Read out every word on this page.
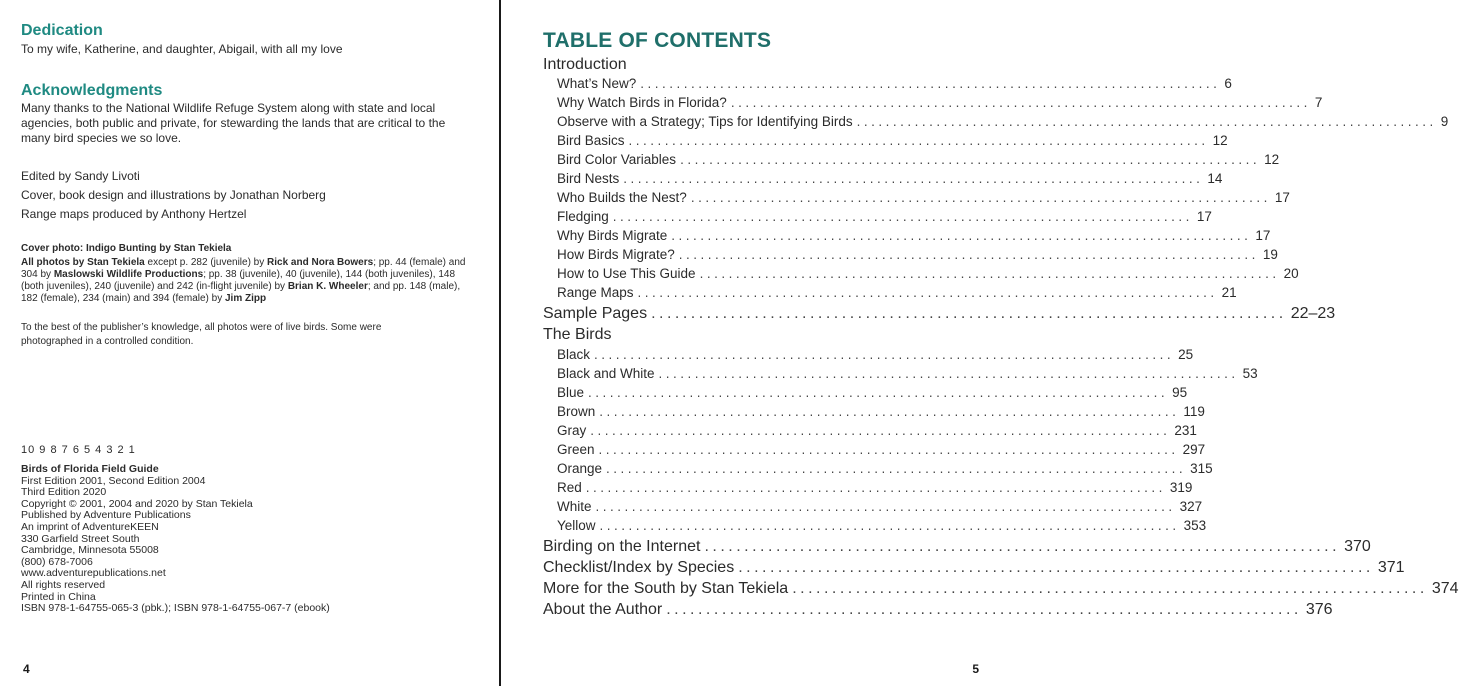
Dedication
To my wife, Katherine, and daughter, Abigail, with all my love
Acknowledgments
Many thanks to the National Wildlife Refuge System along with state and local agencies, both public and private, for stewarding the lands that are critical to the many bird species we so love.
Edited by Sandy Livoti
Cover, book design and illustrations by Jonathan Norberg
Range maps produced by Anthony Hertzel
Cover photo: Indigo Bunting by Stan Tekiela
All photos by Stan Tekiela except p. 282 (juvenile) by Rick and Nora Bowers; pp. 44 (female) and 304 by Maslowski Wildlife Productions; pp. 38 (juvenile), 40 (juvenile), 144 (both juveniles), 148 (both juveniles), 240 (juvenile) and 242 (in-flight juvenile) by Brian K. Wheeler; and pp. 148 (male), 182 (female), 234 (main) and 394 (female) by Jim Zipp
To the best of the publisher’s knowledge, all photos were of live birds. Some were photographed in a controlled condition.
10 9 8 7 6 5 4 3 2 1
Birds of Florida Field Guide
First Edition 2001, Second Edition 2004
Third Edition 2020
Copyright © 2001, 2004 and 2020 by Stan Tekiela
Published by Adventure Publications
An imprint of AdventureKEEN
330 Garfield Street South
Cambridge, Minnesota 55008
(800) 678-7006
www.adventurepublications.net
All rights reserved
Printed in China
ISBN 978-1-64755-065-3 (pbk.); ISBN 978-1-64755-067-7 (ebook)
4
TABLE OF CONTENTS
Introduction
What’s New? ................................................................................ 6
Why Watch Birds in Florida? ................................................................................ 7
Observe with a Strategy; Tips for Identifying Birds ................................................................................ 9
Bird Basics ................................................................................ 12
Bird Color Variables ................................................................................ 12
Bird Nests ................................................................................ 14
Who Builds the Nest? ................................................................................ 17
Fledging ................................................................................ 17
Why Birds Migrate ................................................................................ 17
How Birds Migrate? ................................................................................ 19
How to Use This Guide ................................................................................ 20
Range Maps ................................................................................ 21
Sample Pages ................................................................................ 22–23
The Birds
Black ................................................................................ 25
Black and White ................................................................................ 53
Blue ................................................................................ 95
Brown ................................................................................ 119
Gray ................................................................................ 231
Green ................................................................................ 297
Orange ................................................................................ 315
Red ................................................................................ 319
White ................................................................................ 327
Yellow ................................................................................ 353
Birding on the Internet ................................................................................ 370
Checklist/Index by Species ................................................................................ 371
More for the South by Stan Tekiela ................................................................................ 374
About the Author ................................................................................ 376
5
